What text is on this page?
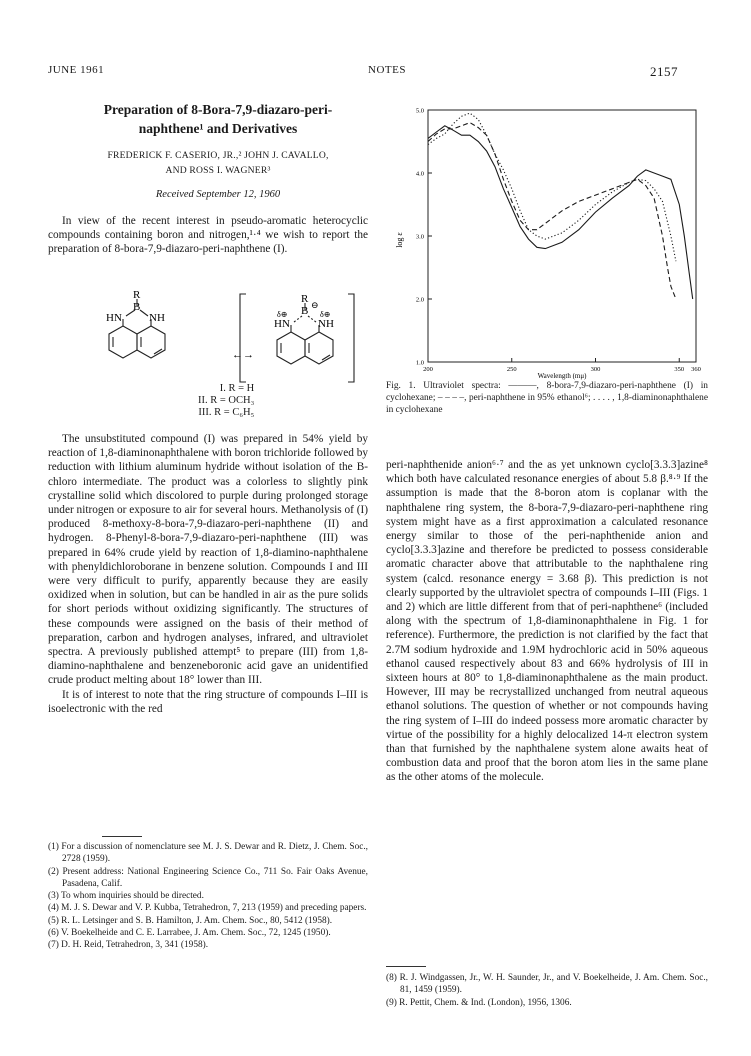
JUNE 1961	NOTES	2157
Preparation of 8-Bora-7,9-diazaro-peri-
naphthene¹ and Derivatives
FREDERICK F. CASERIO, JR.,² JOHN J. CAVALLO,
AND ROSS I. WAGNER³
Received September 12, 1960
In view of the recent interest in pseudo-aromatic heterocyclic compounds containing boron and nitrogen,¹·⁴ we wish to report the preparation of 8-bora-7,9-diazaro-peri-naphthene (I).
R
B
HN NH
R
B ⊖
HN	NH
δ⊕	δ⊕
←→
I. R = H
II. R = OCH₃
III. R = C₆H₅

The unsubstituted compound (I) was prepared in 54% yield by reaction of 1,8-diaminonaphthalene with boron trichloride followed by reduction with lithium aluminum hydride without isolation of the B-chloro intermediate. The product was a colorless to slightly pink crystalline solid which discolored to purple during prolonged storage under nitrogen or exposure to air for several hours. Methanolysis of (I) produced 8-methoxy-8-bora-7,9-diazaro-peri-naphthene (II) and hydrogen. 8-Phenyl-8-bora-7,9-diazaro-peri-naphthene (III) was prepared in 64% crude yield by reaction of 1,8-diamino-naphthalene with phenyldichloroborane in benzene solution. Compounds I and III were very difficult to purify, apparently because they are easily oxidized when in solution, but can be handled in air as the pure solids for short periods without oxidizing significantly. The structures of these compounds were assigned on the basis of their method of preparation, carbon and hydrogen analyses, infrared, and ultraviolet spectra. A previously published attempt⁵ to prepare (III) from 1,8-diamino-naphthalene and benzeneboronic acid gave an unidentified crude product melting about 18° lower than III.

It is of interest to note that the ring structure of compounds I–III is isoelectronic with the red

(1) For a discussion of nomenclature see M. J. S. Dewar and R. Dietz, J. Chem. Soc., 2728 (1959).

(2) Present address: National Engineering Science Co., 711 So. Fair Oaks Avenue, Pasadena, Calif.

(3) To whom inquiries should be directed.

(4) M. J. S. Dewar and V. P. Kubba, Tetrahedron, 7, 213 (1959) and preceding papers.

(5) R. L. Letsinger and S. B. Hamilton, J. Am. Chem. Soc., 80, 5412 (1958).

(6) V. Boekelheide and C. E. Larrabee, J. Am. Chem. Soc., 72, 1245 (1950).

(7) D. H. Reid, Tetrahedron, 3, 341 (1958).

1.0
2.0
3.0
4.0
5.0
200	250	300	350 360
log ε
Wavelength (mμ)
Fig. 1. Ultraviolet spectra: ———, 8-bora-7,9-diazaro-peri-naphthene (I) in cyclohexane; – – – –, peri-naphthene in 95% ethanol⁶; . . . . , 1,8-diaminonaphthalene in cyclohexane

peri-naphthenide anion⁶·⁷ and the as yet unknown cyclo[3.3.3]azine⁸ which both have calculated resonance energies of about 5.8 β.⁸·⁹ If the assumption is made that the 8-boron atom is coplanar with the naphthalene ring system, the 8-bora-7,9-diazaro-peri-naphthene ring system might have as a first approximation a calculated resonance energy similar to those of the peri-naphthenide anion and cyclo[3.3.3]azine and therefore be predicted to possess considerable aromatic character above that attributable to the naphthalene ring system (calcd. resonance energy = 3.68 β). This prediction is not clearly supported by the ultraviolet spectra of compounds I–III (Figs. 1 and 2) which are little different from that of peri-naphthene⁶ (included along with the spectrum of 1,8-diaminonaphthalene in Fig. 1 for reference). Furthermore, the prediction is not clarified by the fact that 2.7M sodium hydroxide and 1.9M hydrochloric acid in 50% aqueous ethanol caused respectively about 83 and 66% hydrolysis of III in sixteen hours at 80° to 1,8-diaminonaphthalene as the main product. However, III may be recrystallized unchanged from neutral aqueous ethanol solutions. The question of whether or not compounds having the ring system of I–III do indeed possess more aromatic character by virtue of the possibility for a highly delocalized 14-π electron system than that furnished by the naphthalene system alone awaits heat of combustion data and proof that the boron atom lies in the same plane as the other atoms of the molecule.

(8) R. J. Windgassen, Jr., W. H. Saunder, Jr., and V. Boekelheide, J. Am. Chem. Soc., 81, 1459 (1959).

(9) R. Pettit, Chem. & Ind. (London), 1956, 1306.
